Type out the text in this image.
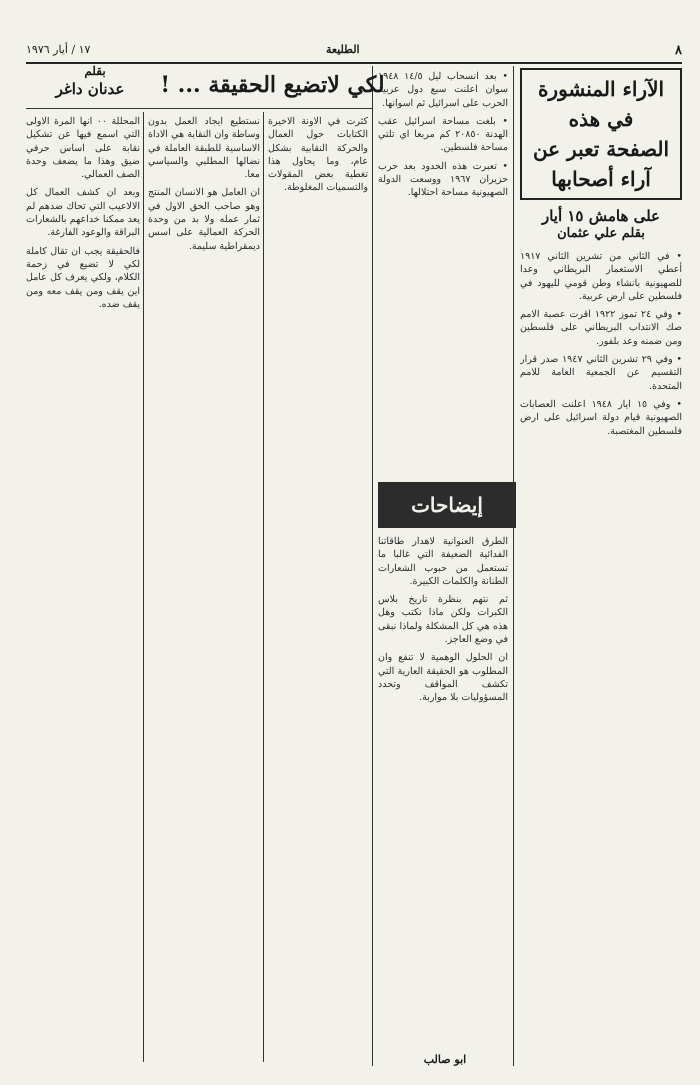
٨
الطليعة
١٧ / أيار ١٩٧٦
الآراء المنشورة في هذه
الصفحة تعبر عن
آراء أصحابها
على هامش ١٥ أيار
بقلم علي عثمان

• في الثاني من تشرين الثاني ١٩١٧ أعطي الاستعمار البريطاني وعدا للصهيونية بانشاء وطن قومي لليهود في فلسطين على ارض عربية.

• وفي ٢٤ تموز ١٩٢٢ اقرت عصبة الامم صك الانتداب البريطاني على فلسطين ومن ضمنه وعد بلفور.

• وفي ٢٩ تشرين الثاني ١٩٤٧ صدر قرار التقسيم عن الجمعية العامة للامم المتحدة.

• وفي ١٥ ايار ١٩٤٨ اعلنت العصابات الصهيونية قيام دولة اسرائيل على ارض فلسطين المغتصبة.

• بعد انسحاب ليل ١٤/٥ ١٩٤٨ سوان اعلنت سبع دول عربية الحرب على اسرائيل ثم اسوانها.

• بلغت مساحة اسرائيل عقب الهدنة ٢٠٨٥٠ كم مربعا اي تلتي مساحة فلسطين.

• تعبرت هذه الحدود بعد حرب حزيران ١٩٦٧ ووسعت الدولة الصهيونية مساحة احتلالها.

إيضاحات

الطرق العنوانية لاهدار طاقاتنا الفدائية الضعيفة التي غالبا ما تستعمل من حبوب الشعارات الطنانة والكلمات الكبيرة.

ثم نتهم بنظرة تاريخ بلاس الكبرات ولكن ماذا نكتب وهل هذه هي كل المشكلة ولماذا نبقى في وضع العاجز.

ان الحلول الوهمية لا تنفع وان المطلوب هو الحقيقة العارية التي تكشف المواقف وتحدد المسؤوليات بلا مواربة.

ابو صالب
لكي لاتضيع الحقيقة ... !
بقلم
عدنان داغر

كثرت في الاونة الاخيرة الكتابات حول العمال والحركة النقابية بشكل عام، وما يحاول هذا تغطية بعض المقولات والتسميات المغلوطة.

نستطيع ايجاد العمل بدون وساطة وان النقابة هي الاداة الاساسية للطبقة العاملة في نضالها المطلبي والسياسي معا.

ان العامل هو الانسان المنتج وهو صاحب الحق الاول في ثمار عمله ولا بد من وحدة الحركة العمالية على اسس ديمقراطية سليمة.

المحللة ٠٠ انها المرة الاولى التي اسمع فيها عن تشكيل نقابة على اساس حرفي ضيق وهذا ما يضعف وحدة الصف العمالي.

وبعد ان كشف العمال كل الالاعيب التي تحاك ضدهم لم يعد ممكنا خداعهم بالشعارات البراقة والوعود الفارغة.

فالحقيقة يجب ان تقال كاملة لكي لا تضيع في زحمة الكلام، ولكي يعرف كل عامل اين يقف ومن يقف معه ومن يقف ضده.
